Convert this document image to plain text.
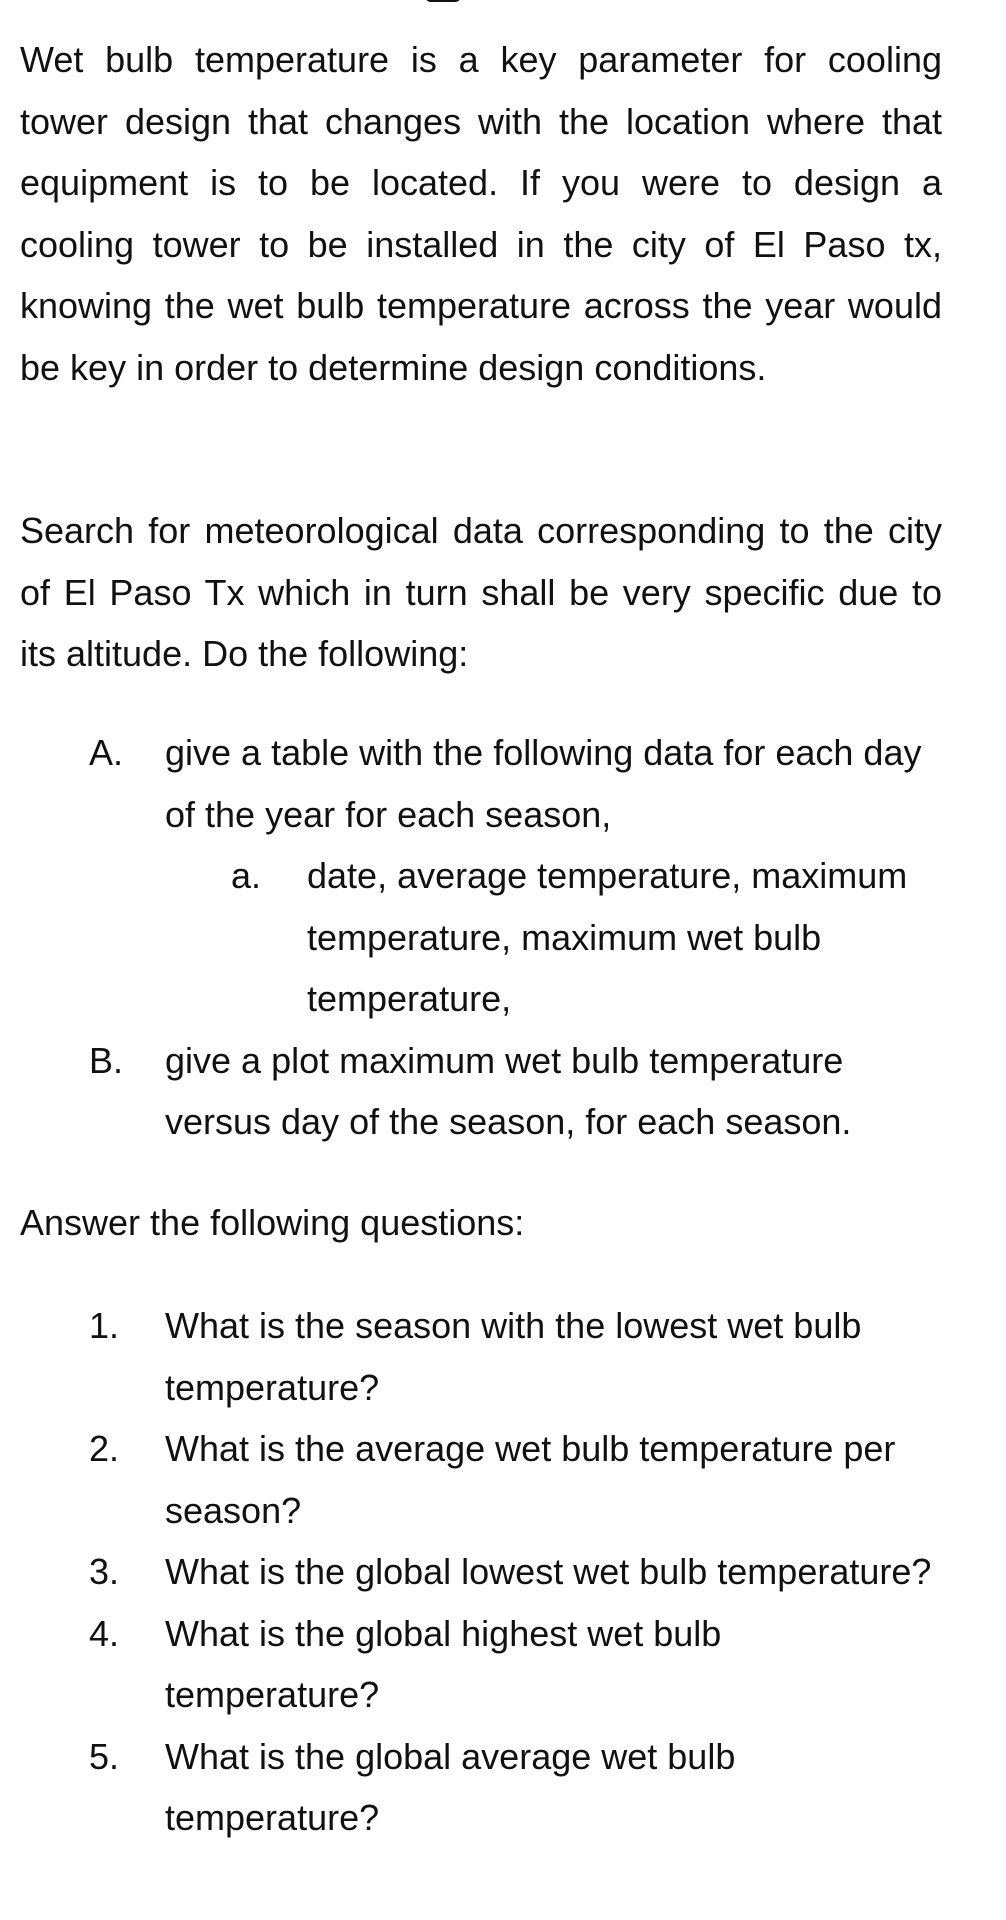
Wet bulb temperature is a key parameter for cooling tower design that changes with the location where that equipment is to be located. If you were to design a cooling tower to be installed in the city of El Paso tx, knowing the wet bulb temperature across the year would be key in order to determine design conditions.

Search for meteorological data corresponding to the city of El Paso Tx which in turn shall be very specific due to its altitude. Do the following:

A.	give a table with the following data for each day of the year for each season,
a.	date, average temperature, maximum temperature, maximum wet bulb temperature,
B.	give a plot maximum wet bulb temperature versus day of the season, for each season.

Answer the following questions:

1.	What is the season with the lowest wet bulb temperature?
2.	What is the average wet bulb temperature per season?
3.	What is the global lowest wet bulb temperature?
4.	What is the global highest wet bulb temperature?
5.	What is the global average wet bulb temperature?
